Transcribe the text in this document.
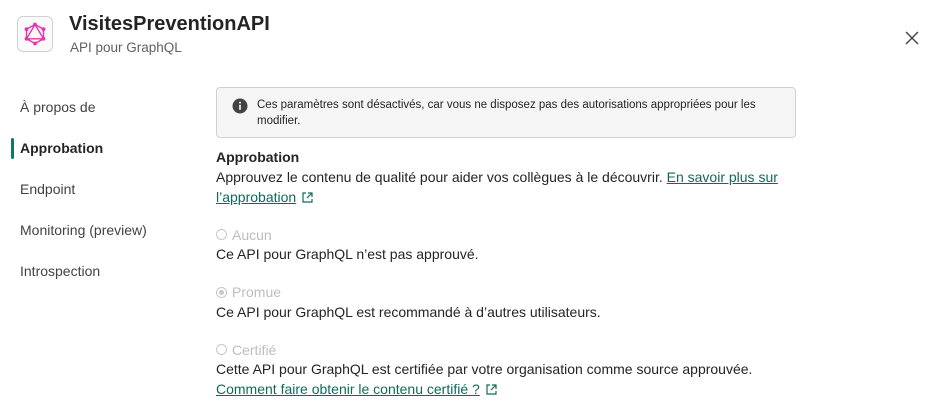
VisitesPreventionAPI
API pour GraphQL
À propos de
Approbation
Endpoint
Monitoring (preview)
Introspection
Ces paramètres sont désactivés, car vous ne disposez pas des autorisations appropriées pour les modifier.
Approbation
Approuvez le contenu de qualité pour aider vos collègues à le découvrir. En savoir plus sur l’approbation
Aucun
Ce API pour GraphQL n’est pas approuvé.
Promue
Ce API pour GraphQL est recommandé à d’autres utilisateurs.
Certifié
Cette API pour GraphQL est certifiée par votre organisation comme source approuvée.
Comment faire obtenir le contenu certifié ?
